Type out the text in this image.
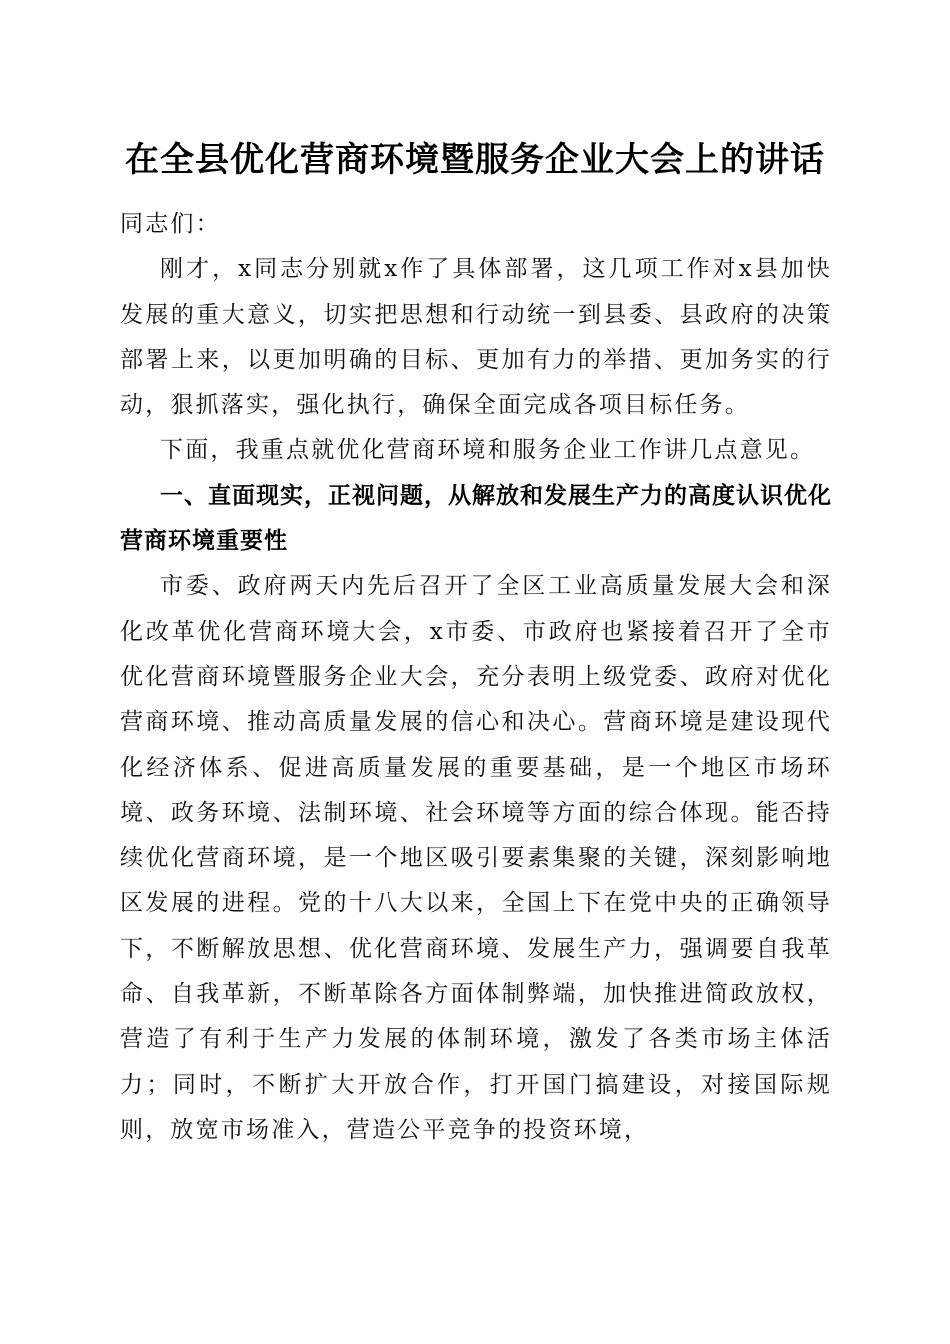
在全县优化营商环境暨服务企业大会上的讲话

同志们：

刚才，x同志分别就x作了具体部署，这几项工作对x县加快发展的重大意义，切实把思想和行动统一到县委、县政府的决策部署上来，以更加明确的目标、更加有力的举措、更加务实的行动，狠抓落实，强化执行，确保全面完成各项目标任务。

下面，我重点就优化营商环境和服务企业工作讲几点意见。

一、直面现实，正视问题，从解放和发展生产力的高度认识优化营商环境重要性

市委、政府两天内先后召开了全区工业高质量发展大会和深化改革优化营商环境大会，x市委、市政府也紧接着召开了全市优化营商环境暨服务企业大会，充分表明上级党委、政府对优化营商环境、推动高质量发展的信心和决心。营商环境是建设现代化经济体系、促进高质量发展的重要基础，是一个地区市场环境、政务环境、法制环境、社会环境等方面的综合体现。能否持续优化营商环境，是一个地区吸引要素集聚的关键，深刻影响地区发展的进程。党的十八大以来，全国上下在党中央的正确领导下，不断解放思想、优化营商环境、发展生产力，强调要自我革命、自我革新，不断革除各方面体制弊端，加快推进简政放权，营造了有利于生产力发展的体制环境，激发了各类市场主体活力；同时，不断扩大开放合作，打开国门搞建设，对接国际规则，放宽市场准入，营造公平竞争的投资环境，
